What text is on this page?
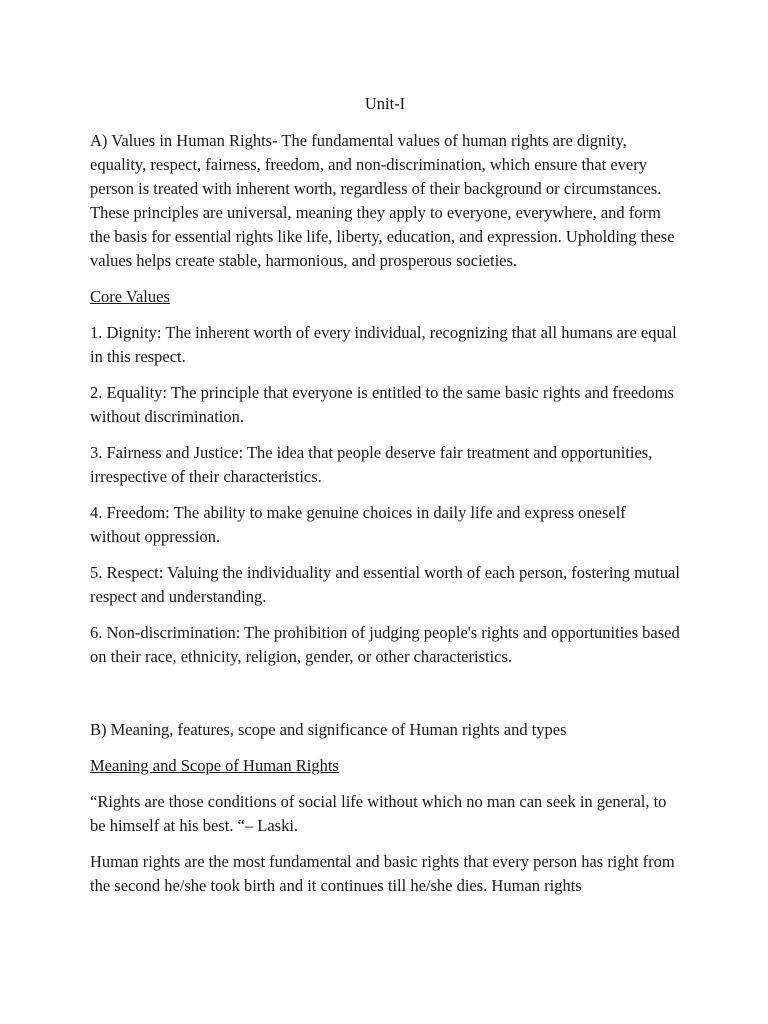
Unit-I

A) Values in Human Rights- The fundamental values of human rights are dignity, equality, respect, fairness, freedom, and non-discrimination, which ensure that every person is treated with inherent worth, regardless of their background or circumstances. These principles are universal, meaning they apply to everyone, everywhere, and form the basis for essential rights like life, liberty, education, and expression. Upholding these values helps create stable, harmonious, and prosperous societies.

Core Values

1. Dignity: The inherent worth of every individual, recognizing that all humans are equal in this respect.

2. Equality: The principle that everyone is entitled to the same basic rights and freedoms without discrimination.

3. Fairness and Justice: The idea that people deserve fair treatment and opportunities, irrespective of their characteristics.

4. Freedom: The ability to make genuine choices in daily life and express oneself without oppression.

5. Respect: Valuing the individuality and essential worth of each person, fostering mutual respect and understanding.

6. Non-discrimination: The prohibition of judging people's rights and opportunities based on their race, ethnicity, religion, gender, or other characteristics.

B) Meaning, features, scope and significance of Human rights and types

Meaning and Scope of Human Rights

“Rights are those conditions of social life without which no man can seek in general, to be himself at his best. “– Laski.

Human rights are the most fundamental and basic rights that every person has right from the second he/she took birth and it continues till he/she dies. Human rights
